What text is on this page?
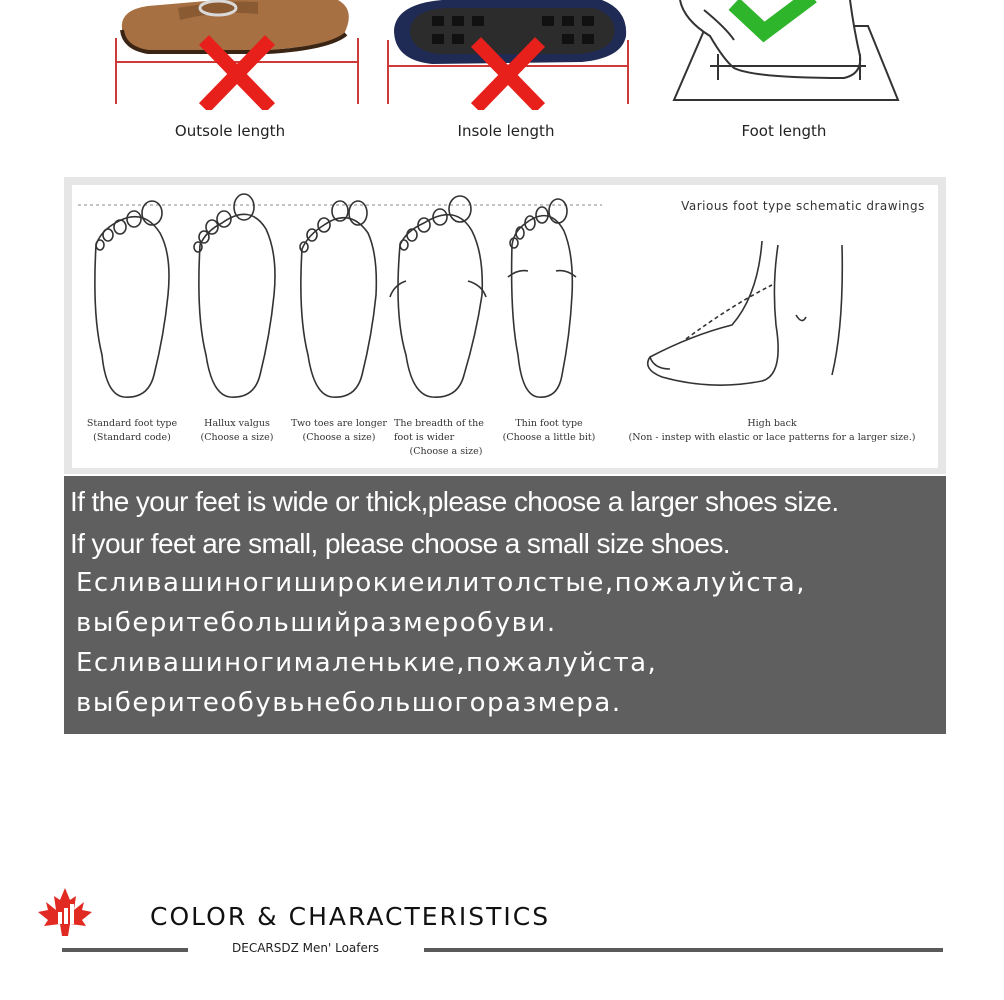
Outsole length	Insole length	Foot length
Various foot type schematic drawings
Standard foot type
(Standard code)
Hallux valgus
(Choose a size)
Two toes are longer
(Choose a size)
The breadth of the
foot is wider
(Choose a size)
Thin foot type
(Choose a little bit)
High back
(Non - instep with elastic or lace patterns for a larger size.)
If the your feet is wide or thick,please choose a larger shoes size.
If your feet are small, please choose a small size shoes.
Есливашиногиширокиеилитолстые,пожалуйста,
выберитебольшийразмеробуви.
Есливашиногималенькие,пожалуйста,
выберитеобувьнебольшогоразмера.
COLOR & CHARACTERISTICS
DECARSDZ Men' Loafers
